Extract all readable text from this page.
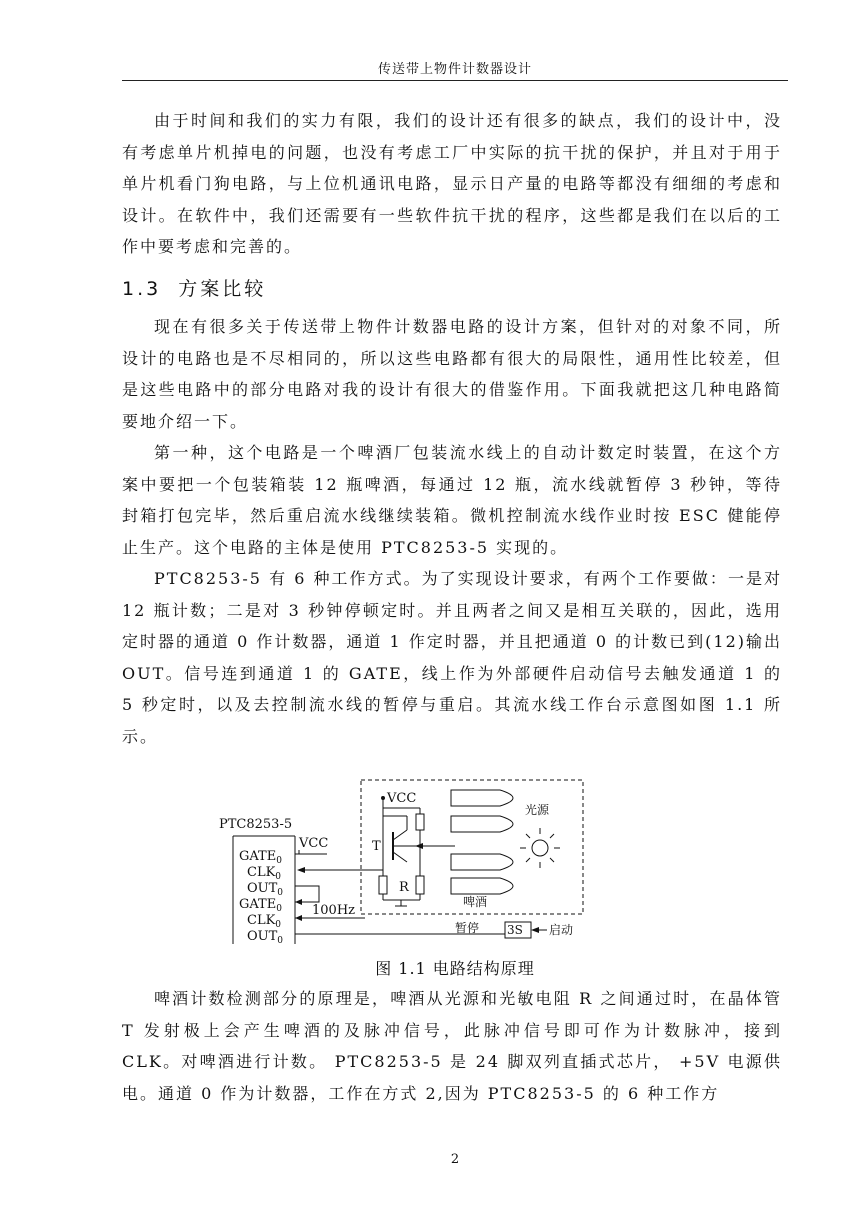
传送带上物件计数器设计

由于时间和我们的实力有限，我们的设计还有很多的缺点，我们的设计中，没有考虑单片机掉电的问题，也没有考虑工厂中实际的抗干扰的保护，并且对于用于单片机看门狗电路，与上位机通讯电路，显示日产量的电路等都没有细细的考虑和设计。在软件中，我们还需要有一些软件抗干扰的程序，这些都是我们在以后的工作中要考虑和完善的。

1.3 方案比较

现在有很多关于传送带上物件计数器电路的设计方案，但针对的对象不同，所设计的电路也是不尽相同的，所以这些电路都有很大的局限性，通用性比较差，但是这些电路中的部分电路对我的设计有很大的借鉴作用。下面我就把这几种电路简要地介绍一下。

第一种，这个电路是一个啤酒厂包装流水线上的自动计数定时装置，在这个方案中要把一个包装箱装 12 瓶啤酒，每通过 12 瓶，流水线就暂停 3 秒钟，等待封箱打包完毕，然后重启流水线继续装箱。微机控制流水线作业时按 ESC 健能停止生产。这个电路的主体是使用 PTC8253-5 实现的。

PTC8253-5 有 6 种工作方式。为了实现设计要求，有两个工作要做：一是对 12 瓶计数；二是对 3 秒钟停顿定时。并且两者之间又是相互关联的，因此，选用定时器的通道 0 作计数器，通道 1 作定时器，并且把通道 0 的计数已到(12)输出 OUT。信号连到通道 1 的 GATE，线上作为外部硬件启动信号去触发通道 1 的 5 秒定时，以及去控制流水线的暂停与重启。其流水线工作台示意图如图 1.1 所示。

PTC8253-5
$GATE_0$
$CLK_0$
$OUT_0$
$GATE_0$
$CLK_0$
$OUT_0$
VCC
100Hz
3S
暂停	启动
VCC
T
R
啤酒
光源
图 1.1 电路结构原理

啤酒计数检测部分的原理是，啤酒从光源和光敏电阻 R 之间通过时，在晶体管 T 发射极上会产生啤酒的及脉冲信号，此脉冲信号即可作为计数脉冲，接到 CLK。对啤酒进行计数。 PTC8253-5 是 24 脚双列直插式芯片， +5V 电源供电。通道 0 作为计数器，工作在方式 2,因为 PTC8253-5 的 6 种工作方

2
